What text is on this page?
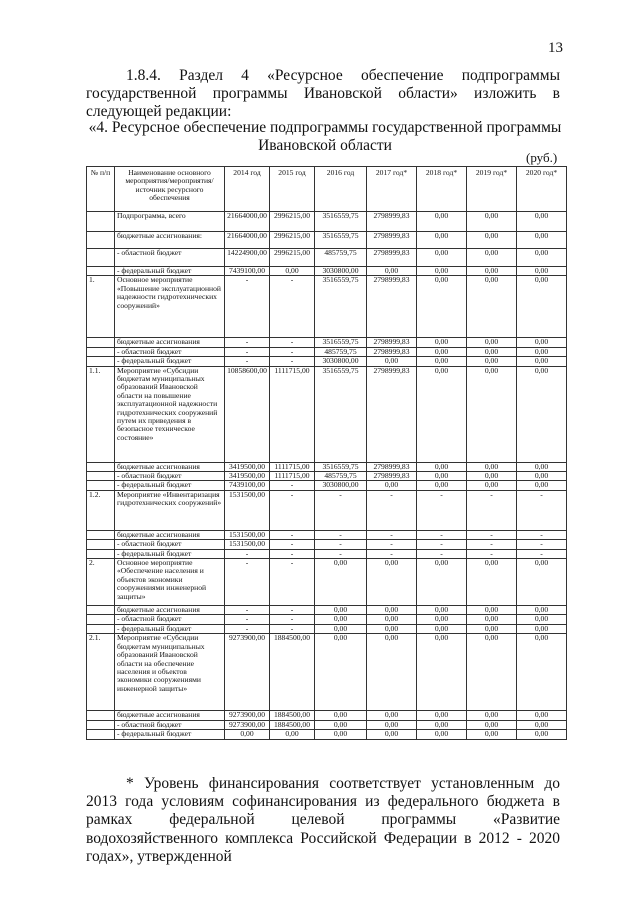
13
1.8.4. Раздел 4 «Ресурсное обеспечение подпрограммы государственной программы Ивановской области» изложить в следующей редакции:
«4. Ресурсное обеспечение подпрограммы государственной программы Ивановской области
(руб.)
№ п/п	Наименование основного мероприятия/мероприятия/ источник ресурсного обеспечения	2014 год	2015 год	2016 год	2017 год*	2018 год*	2019 год*	2020 год*
	Подпрограмма, всего	21664000,00	2996215,00	3516559,75	2798999,83	0,00	0,00	0,00
	бюджетные ассигнования:	21664000,00	2996215,00	3516559,75	2798999,83	0,00	0,00	0,00
	- областной бюджет	14224900,00	2996215,00	485759,75	2798999,83	0,00	0,00	0,00
	- федеральный бюджет	7439100,00	0,00	3030800,00	0,00	0,00	0,00	0,00
1.	Основное мероприятие «Повышение эксплуатационной надежности гидротехнических сооружений»	-	-	3516559,75	2798999,83	0,00	0,00	0,00
	бюджетные ассигнования	-	-	3516559,75	2798999,83	0,00	0,00	0,00
	- областной бюджет	-	-	485759,75	2798999,83	0,00	0,00	0,00
	- федеральный бюджет	-	-	3030800,00	0,00	0,00	0,00	0,00
1.1.	Мероприятие «Субсидии бюджетам муниципальных образований Ивановской области на повышение эксплуатационной надежности гидротехнических сооружений путем их приведения в безопасное техническое состояние»	10858600,00	1111715,00	3516559,75	2798999,83	0,00	0,00	0,00
	бюджетные ассигнования	3419500,00	1111715,00	3516559,75	2798999,83	0,00	0,00	0,00
	- областной бюджет	3419500,00	1111715,00	485759,75	2798999,83	0,00	0,00	0,00
	- федеральный бюджет	7439100,00	-	3030800,00	0,00	0,00	0,00	0,00
1.2.	Мероприятие «Инвентаризация гидротехнических сооружений»	1531500,00	-	-	-	-	-	-
	бюджетные ассигнования	1531500,00	-	-	-	-	-	-
	- областной бюджет	1531500,00	-	-	-	-	-	-
	- федеральный бюджет	-	-	-	-	-	-	-
2.	Основное мероприятие «Обеспечение населения и объектов экономики сооружениями инженерной защиты»	-	-	0,00	0,00	0,00	0,00	0,00
	бюджетные ассигнования	-	-	0,00	0,00	0,00	0,00	0,00
	- областной бюджет	-	-	0,00	0,00	0,00	0,00	0,00
	- федеральный бюджет	-	-	0,00	0,00	0,00	0,00	0,00
2.1.	Мероприятие «Субсидии бюджетам муниципальных образований Ивановской области на обеспечение населения и объектов экономики сооружениями инженерной защиты»	9273900,00	1884500,00	0,00	0,00	0,00	0,00	0,00
	бюджетные ассигнования	9273900,00	1884500,00	0,00	0,00	0,00	0,00	0,00
	- областной бюджет	9273900,00	1884500,00	0,00	0,00	0,00	0,00	0,00
	- федеральный бюджет	0,00	0,00	0,00	0,00	0,00	0,00	0,00
* Уровень финансирования соответствует установленным до 2013 года условиям софинансирования из федерального бюджета в рамках федеральной целевой программы «Развитие водохозяйственного комплекса Российской Федерации в 2012 - 2020 годах», утвержденной
